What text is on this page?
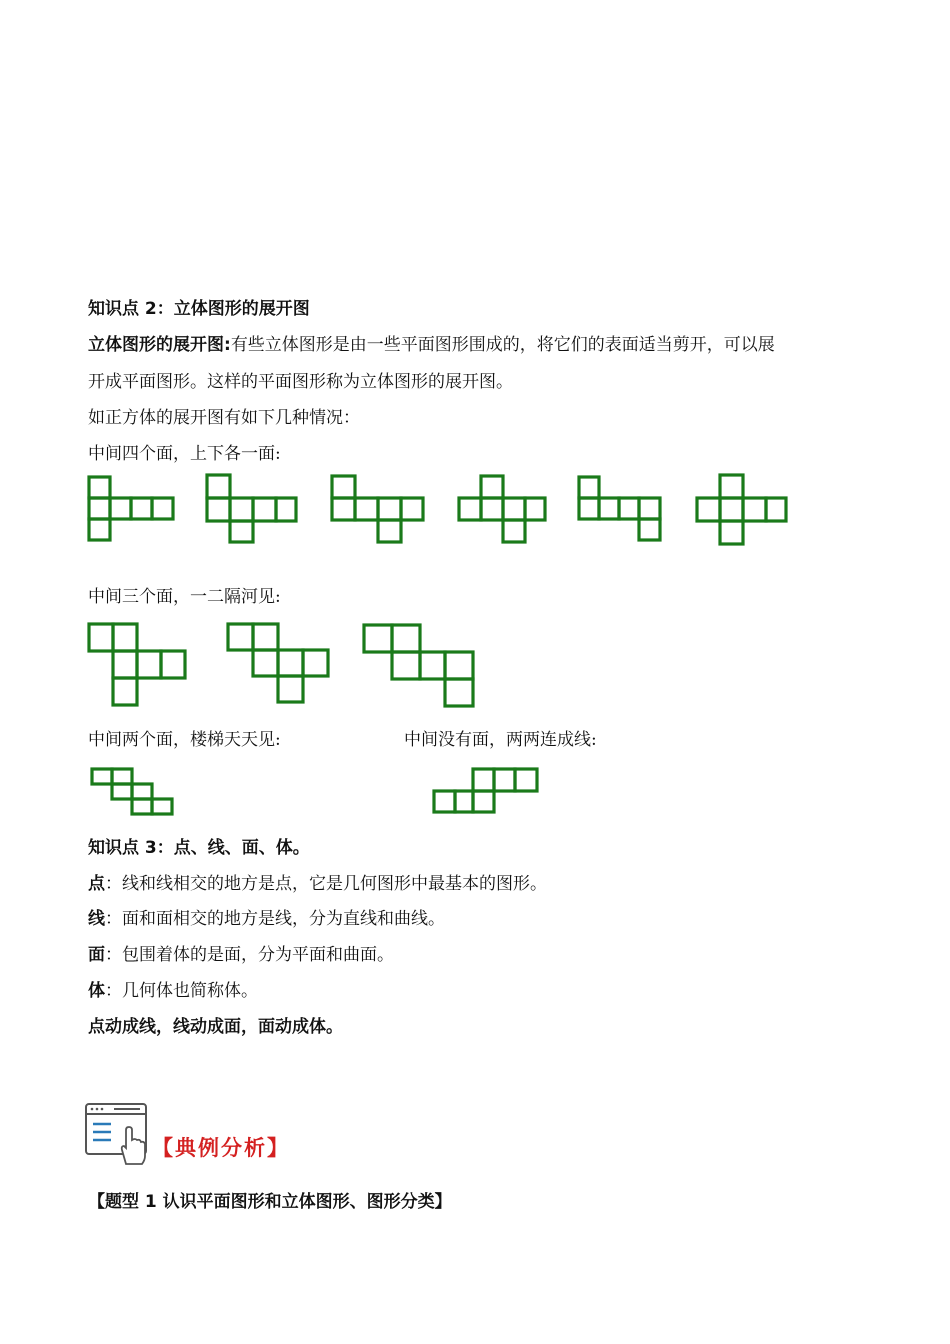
知识点 2：立体图形的展开图
立体图形的展开图:有些立体图形是由一些平面图形围成的，将它们的表面适当剪开，可以展
开成平面图形。这样的平面图形称为立体图形的展开图。
如正方体的展开图有如下几种情况：
中间四个面，上下各一面:
中间三个面，一二隔河见:
中间两个面，楼梯天天见:	中间没有面，两两连成线:
知识点 3：点、线、面、体。
点：线和线相交的地方是点，它是几何图形中最基本的图形。
线：面和面相交的地方是线，分为直线和曲线。
面：包围着体的是面，分为平面和曲面。
体：几何体也简称体。
点动成线，线动成面，面动成体。
【典例分析】
【题型 1 认识平面图形和立体图形、图形分类】
